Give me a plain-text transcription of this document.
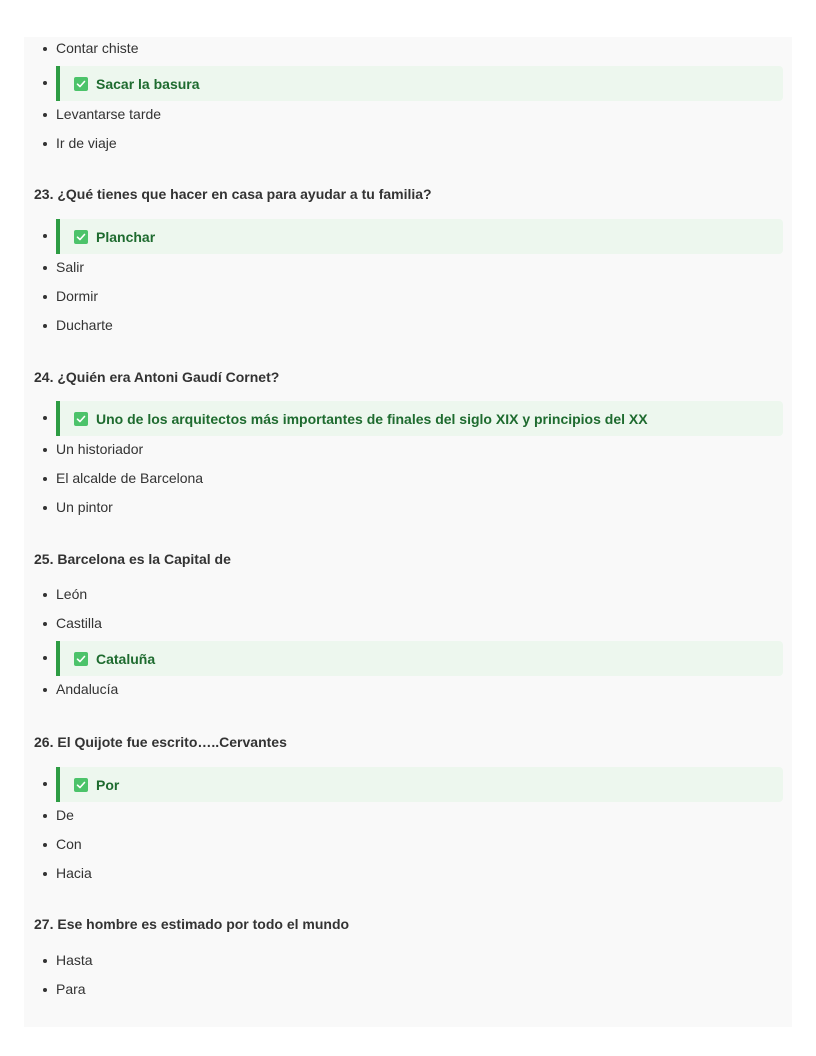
Contar chiste
Sacar la basura
Levantarse tarde
Ir de viaje
23. ¿Qué tienes que hacer en casa para ayudar a tu familia?
Planchar
Salir
Dormir
Ducharte
24. ¿Quién era Antoni Gaudí Cornet?
Uno de los arquitectos más importantes de finales del siglo XIX y principios del XX
Un historiador
El alcalde de Barcelona
Un pintor
25. Barcelona es la Capital de
León
Castilla
Cataluña
Andalucía
26. El Quijote fue escrito…..Cervantes
Por
De
Con
Hacia
27. Ese hombre es estimado por todo el mundo
Hasta
Para
